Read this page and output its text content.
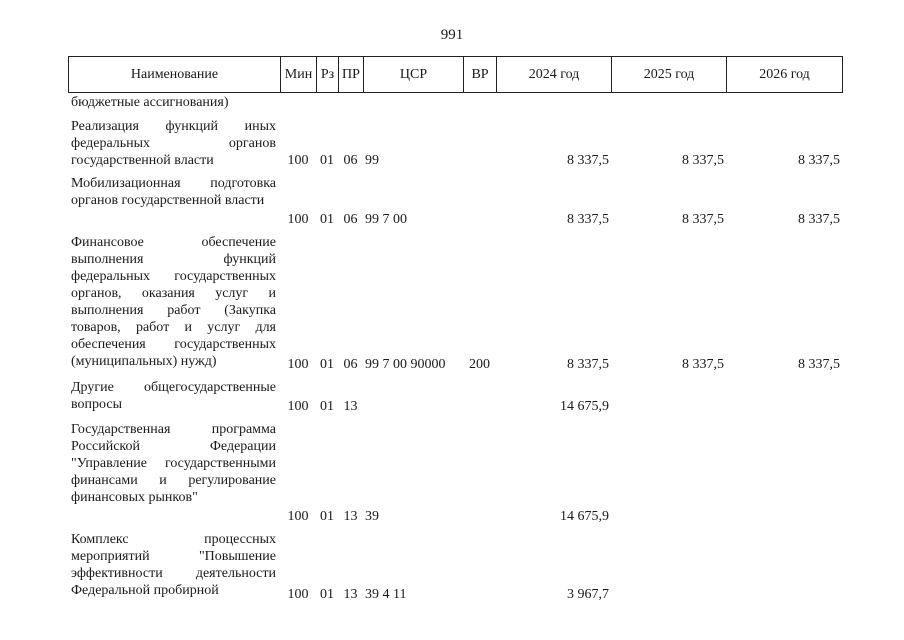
991
Наименование	Мин	Рз	ПР	ЦСР	ВР	2024 год	2025 год	2026 год
бюджетные ассигнования)								
Реализация функций иных федеральных органов государственной власти	100	01	06	99		8 337,5	8 337,5	8 337,5
Мобилизационная подготовка органов государственной власти	100	01	06	99 7 00		8 337,5	8 337,5	8 337,5
Финансовое обеспечение выполнения функций федеральных государственных органов, оказания услуг и выполнения работ (Закупка товаров, работ и услуг для обеспечения государственных (муниципальных) нужд)	100	01	06	99 7 00 90000	200	8 337,5	8 337,5	8 337,5
Другие общегосударственные вопросы	100	01	13			14 675,9		
Государственная программа Российской Федерации "Управление государственными финансами и регулирование финансовых рынков"	100	01	13	39		14 675,9		
Комплекс процессных мероприятий "Повышение эффективности деятельности Федеральной пробирной	100	01	13	39 4 11		3 967,7		
